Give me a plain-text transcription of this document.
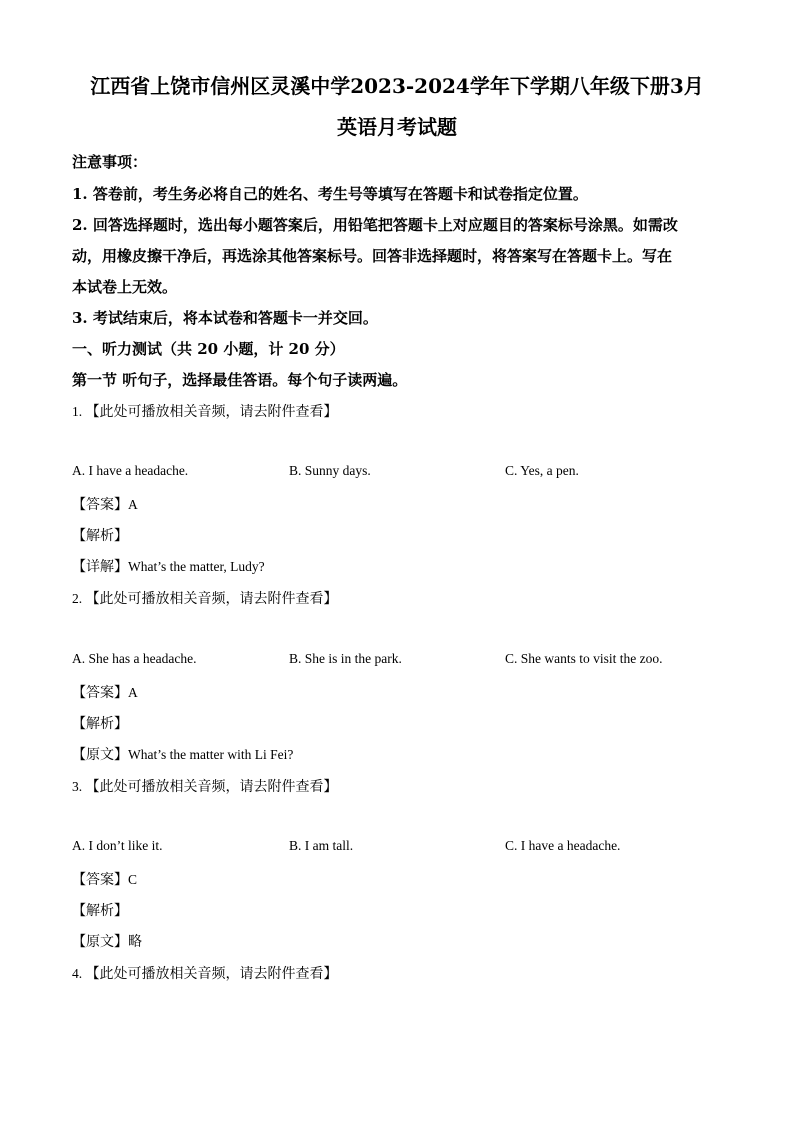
江西省上饶市信州区灵溪中学2023-2024学年下学期八年级下册3月
英语月考试题
注意事项：
1. 答卷前，考生务必将自己的姓名、考生号等填写在答题卡和试卷指定位置。
2. 回答选择题时，选出每小题答案后，用铅笔把答题卡上对应题目的答案标号涂黑。如需改
动，用橡皮擦干净后，再选涂其他答案标号。回答非选择题时，将答案写在答题卡上。写在
本试卷上无效。
3. 考试结束后，将本试卷和答题卡一并交回。
一、听力测试（共 20 小题，计 20 分）
第一节 听句子，选择最佳答语。每个句子读两遍。
1. 【此处可播放相关音频，请去附件查看】
A. I have a headache.	B. Sunny days.	C. Yes, a pen.
【答案】A
【解析】
【详解】What’s the matter, Ludy?
2. 【此处可播放相关音频，请去附件查看】
A. She has a headache.	B. She is in the park.	C. She wants to visit the zoo.
【答案】A
【解析】
【原文】What’s the matter with Li Fei?
3. 【此处可播放相关音频，请去附件查看】
A. I don’t like it.	B. I am tall.	C. I have a headache.
【答案】C
【解析】
【原文】略
4. 【此处可播放相关音频，请去附件查看】
